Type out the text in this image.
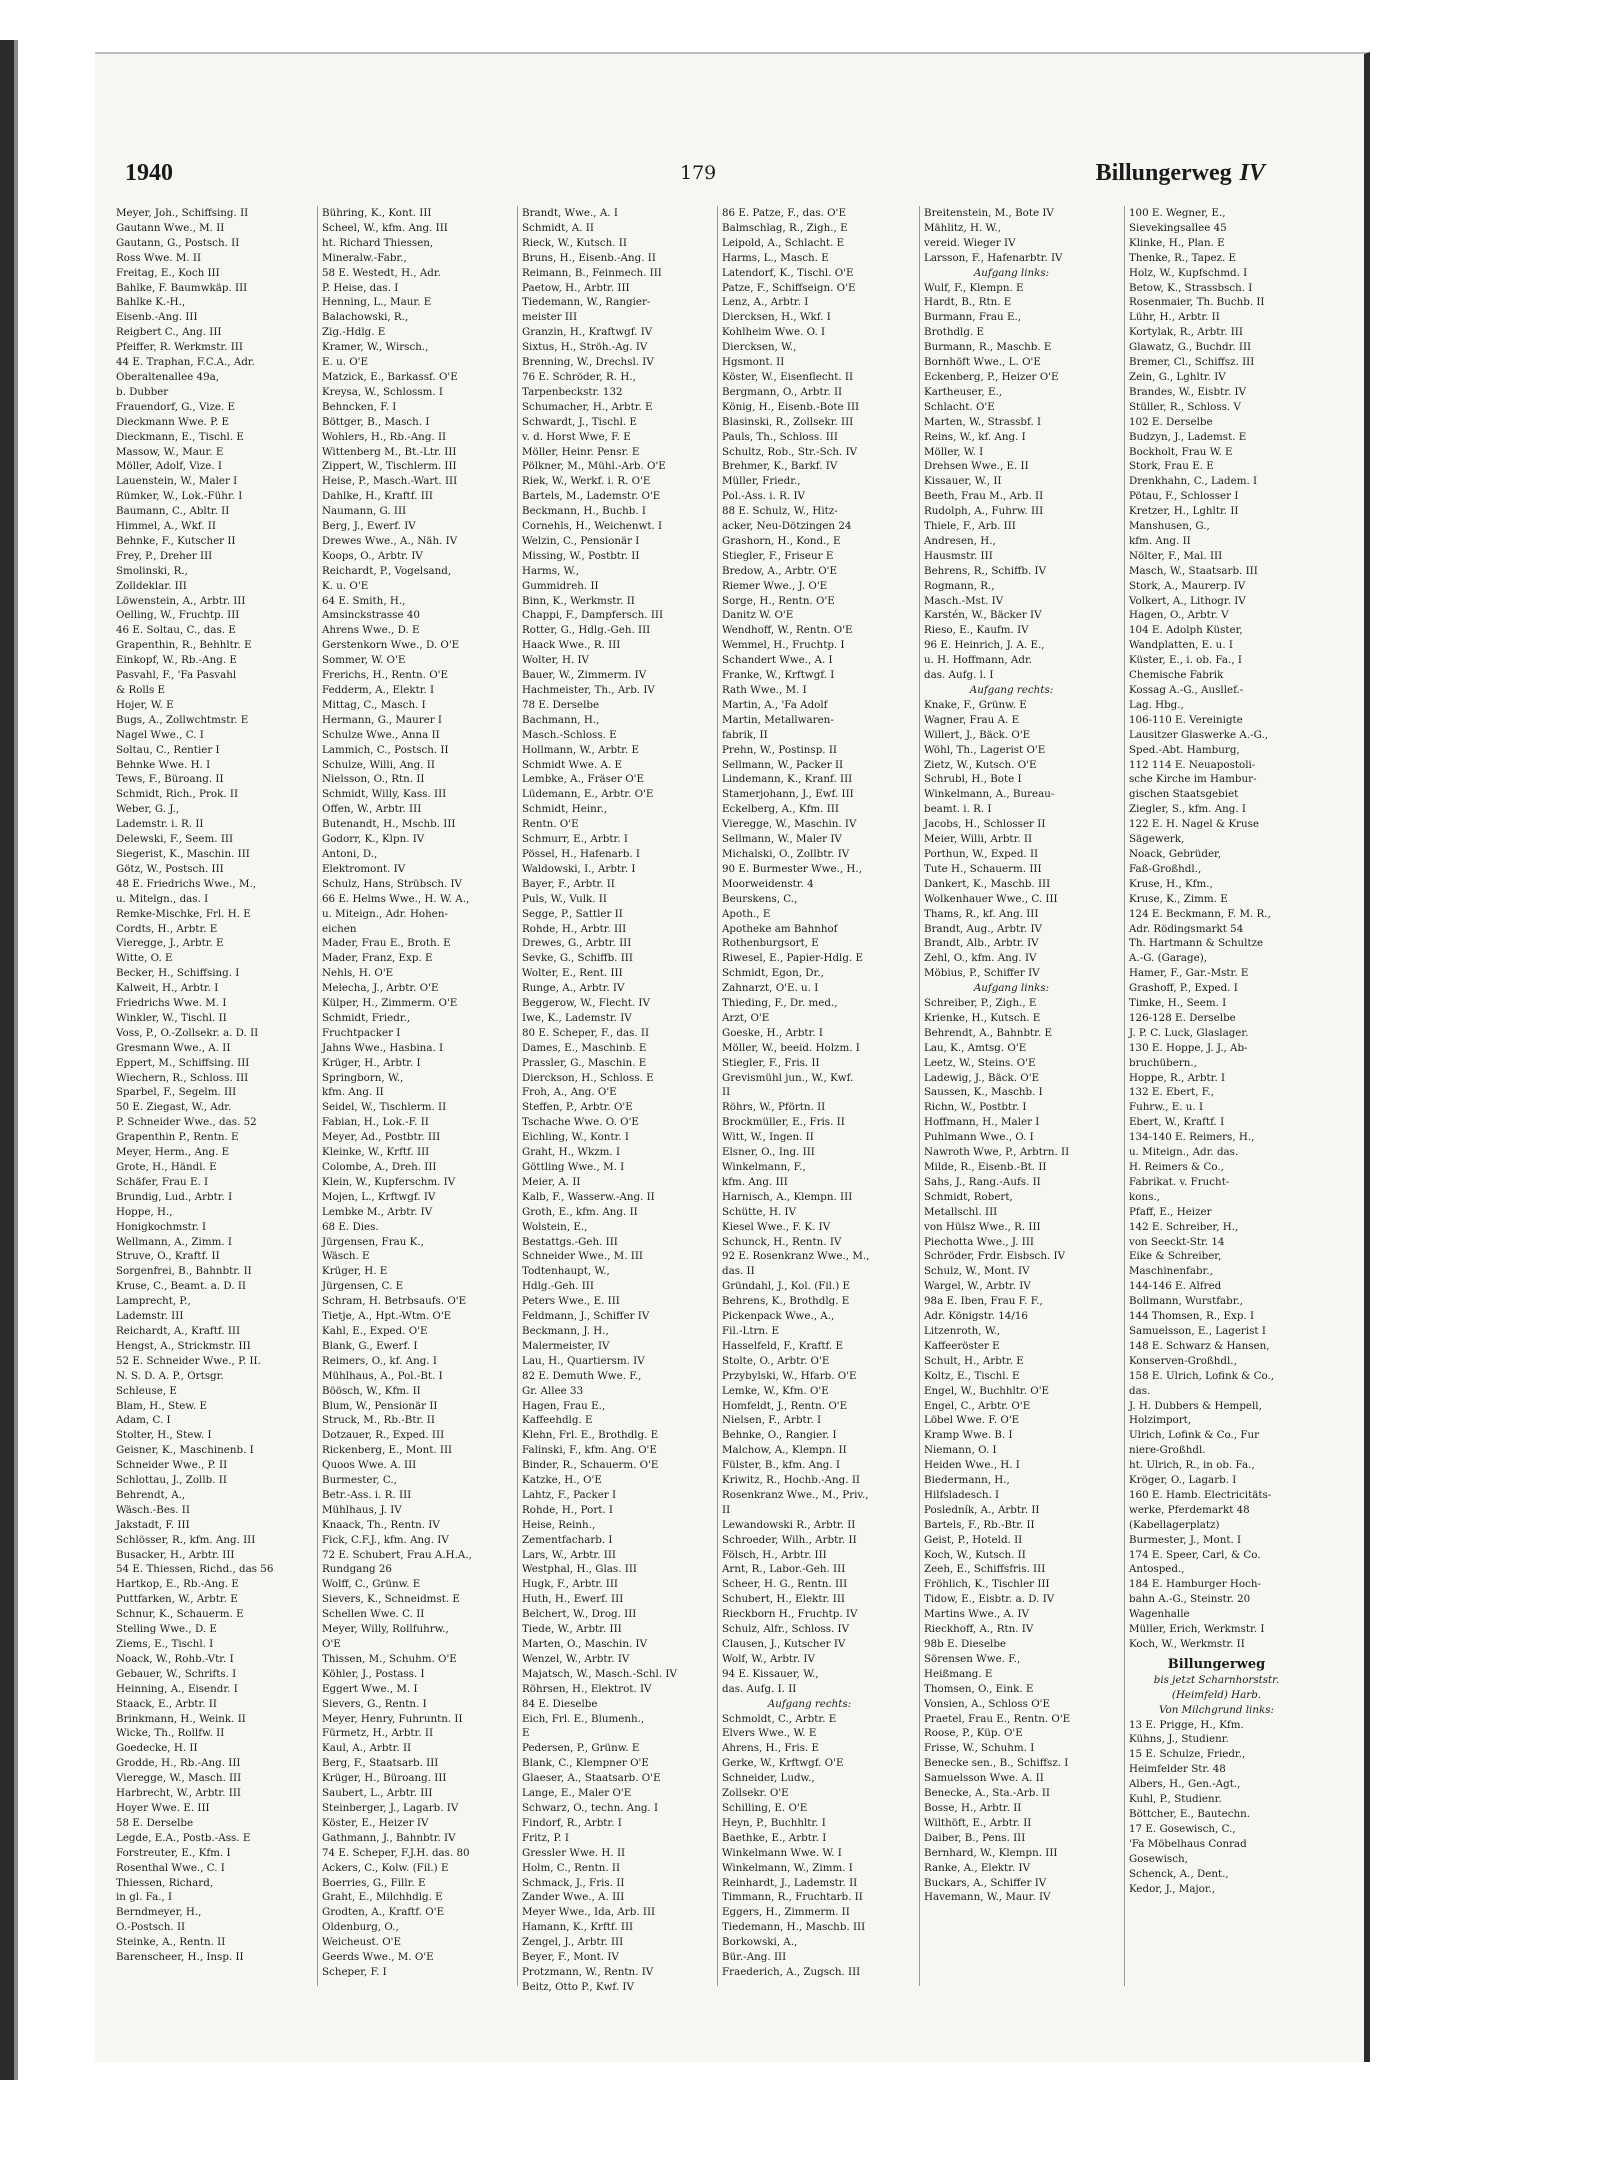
1940	179	Billungerweg IV
Meyer, Joh., Schiffsing. II
Gautann Wwe., M. II
Gautann, G., Postsch. II
Ross Wwe. M. II
Freitag, E., Koch III
Bahlke, F. Baumwkäp. III
Bahlke K.-H.,
Eisenb.-Ang. III
Reigbert C., Ang. III
Pfeiffer, R. Werkmstr. III
44 E. Traphan, F.C.A., Adr.
Oberaltenallee 49a,
b. Dubber
Frauendorf, G., Vize. E
Dieckmann Wwe. P. E
Dieckmann, E., Tischl. E
Massow, W., Maur. E
Möller, Adolf, Vize. I
Lauenstein, W., Maler I
Rümker, W., Lok.-Führ. I
Baumann, C., Abltr. II
Himmel, A., Wkf. II
Behnke, F., Kutscher II
Frey, P., Dreher III
Smolinski, R.,
Zolldeklar. III
Löwenstein, A., Arbtr. III
Oelling, W., Fruchtp. III
46 E. Soltau, C., das. E
Grapenthin, R., Behhltr. E
Einkopf, W., Rb.-Ang. E
Pasvahl, F., 'Fa Pasvahl
& Rolls E
Hojer, W. E
Bugs, A., Zollwchtmstr. E
Nagel Wwe., C. I
Soltau, C., Rentier I
Behnke Wwe. H. I
Tews, F., Büroang. II
Schmidt, Rich., Prok. II
Weber, G. J.,
Lademstr. i. R. II
Delewski, F., Seem. III
Siegerist, K., Maschin. III
Götz, W., Postsch. III
48 E. Friedrichs Wwe., M.,
u. Mitelgn., das. I
Remke-Mischke, Frl. H. E
Cordts, H., Arbtr. E
Vieregge, J., Arbtr. E
Witte, O. E
Becker, H., Schiffsing. I
Kalweit, H., Arbtr. I
Friedrichs Wwe. M. I
Winkler, W., Tischl. II
Voss, P., O.-Zollsekr. a. D. II
Gresmann Wwe., A. II
Eppert, M., Schiffsing. III
Wiechern, R., Schloss. III
Sparbel, F., Segelm. III
50 E. Ziegast, W., Adr.
P. Schneider Wwe., das. 52
Grapenthin P., Rentn. E
Meyer, Herm., Ang. E
Grote, H., Händl. E
Schäfer, Frau E. I
Brundig, Lud., Arbtr. I
Hoppe, H.,
Honigkochmstr. I
Wellmann, A., Zimm. I
Struve, O., Kraftf. II
Sorgenfrei, B., Bahnbtr. II
Kruse, C., Beamt. a. D. II
Lamprecht, P.,
Lademstr. III
Reichardt, A., Kraftf. III
Hengst, A., Strickmstr. III
52 E. Schneider Wwe., P. II.
N. S. D. A. P., Ortsgr.
Schleuse, E
Blam, H., Stew. E
Adam, C. I
Stolter, H., Stew. I
Geisner, K., Maschinenb. I
Schneider Wwe., P. II
Schlottau, J., Zollb. II
Behrendt, A.,
Wäsch.-Bes. II
Jakstadt, F. III
Schlösser, R., kfm. Ang. III
Busacker, H., Arbtr. III
54 E. Thiessen, Richd., das 56
Hartkop, E., Rb.-Ang. E
Puttfarken, W., Arbtr. E
Schnur, K., Schauerm. E
Stelling Wwe., D. E
Ziems, E., Tischl. I
Noack, W., Rohb.-Vtr. I
Gebauer, W., Schrifts. I
Heinning, A., Eisendr. I
Staack, E., Arbtr. II
Brinkmann, H., Weink. II
Wicke, Th., Rollfw. II
Goedecke, H. II
Grodde, H., Rb.-Ang. III
Vieregge, W., Masch. III
Harbrecht, W., Arbtr. III
Hoyer Wwe. E. III
58 E. Derselbe
Legde, E.A., Postb.-Ass. E
Forstreuter, E., Kfm. I
Rosenthal Wwe., C. I
Thiessen, Richard,
in gl. Fa., I
Berndmeyer, H.,
O.-Postsch. II
Steinke, A., Rentn. II
Barenscheer, H., Insp. II
Bühring, K., Kont. III
Scheel, W., kfm. Ang. III
ht. Richard Thiessen,
Mineralw.-Fabr.,
58 E. Westedt, H., Adr.
P. Heise, das. I
Henning, L., Maur. E
Balachowski, R.,
Zig.-Hdlg. E
Kramer, W., Wirsch.,
E. u. O'E
Matzick, E., Barkassf. O'E
Kreysa, W., Schlossm. I
Behncken, F. I
Böttger, B., Masch. I
Wohlers, H., Rb.-Ang. II
Wittenberg M., Bt.-Ltr. III
Zippert, W., Tischlerm. III
Heise, P., Masch.-Wart. III
Dahlke, H., Kraftf. III
Naumann, G. III
Berg, J., Ewerf. IV
Drewes Wwe., A., Näh. IV
Koops, O., Arbtr. IV
Reichardt, P., Vogelsand,
K. u. O'E
64 E. Smith, H.,
Amsinckstrasse 40
Ahrens Wwe., D. E
Gerstenkorn Wwe., D. O'E
Sommer, W. O'E
Frerichs, H., Rentn. O'E
Fedderm, A., Elektr. I
Mittag, C., Masch. I
Hermann, G., Maurer I
Schulze Wwe., Anna II
Lammich, C., Postsch. II
Schulze, Willi, Ang. II
Nielsson, O., Rtn. II
Schmidt, Willy, Kass. III
Offen, W., Arbtr. III
Butenandt, H., Mschb. III
Godorr, K., Klpn. IV
Antoni, D.,
Elektromont. IV
Schulz, Hans, Strübsch. IV
66 E. Helms Wwe., H. W. A.,
u. Miteign., Adr. Hohen-
eichen
Mader, Frau E., Broth. E
Mader, Franz, Exp. E
Nehls, H. O'E
Melecha, J., Arbtr. O'E
Külper, H., Zimmerm. O'E
Schmidt, Friedr.,
Fruchtpacker I
Jahns Wwe., Hasbina. I
Krüger, H., Arbtr. I
Springborn, W.,
kfm. Ang. II
Seidel, W., Tischlerm. II
Fabian, H., Lok.-F. II
Meyer, Ad., Postbtr. III
Kleinke, W., Krftf. III
Colombe, A., Dreh. III
Klein, W., Kupferschm. IV
Mojen, L., Krftwgf. IV
Lembke M., Arbtr. IV
68 E. Dies.
Jürgensen, Frau K.,
Wäsch. E
Krüger, H. E
Jürgensen, C. E
Schram, H. Betrbsaufs. O'E
Tietje, A., Hpt.-Wtm. O'E
Kahl, E., Exped. O'E
Blank, G., Ewerf. I
Reimers, O., kf. Ang. I
Mühlhaus, A., Pol.-Bt. I
Böösch, W., Kfm. II
Blum, W., Pensionär II
Struck, M., Rb.-Btr. II
Dotzauer, R., Exped. III
Rickenberg, E., Mont. III
Quoos Wwe. A. III
Burmester, C.,
Betr.-Ass. i. R. III
Mühlhaus, J. IV
Knaack, Th., Rentn. IV
Fick, C.F.J., kfm. Ang. IV
72 E. Schubert, Frau A.H.A.,
Rundgang 26
Wolff, C., Grünw. E
Sievers, K., Schneidmst. E
Schellen Wwe. C. II
Meyer, Willy, Rollfuhrw.,
O'E
Thissen, M., Schuhm. O'E
Köhler, J., Postass. I
Eggert Wwe., M. I
Sievers, G., Rentn. I
Meyer, Henry, Fuhruntn. II
Fürmetz, H., Arbtr. II
Kaul, A., Arbtr. II
Berg, F., Staatsarb. III
Krüger, H., Büroang. III
Saubert, L., Arbtr. III
Steinberger, J., Lagarb. IV
Köster, E., Heizer IV
Gathmann, J., Bahnbtr. IV
74 E. Scheper, F.J.H. das. 80
Ackers, C., Kolw. (Fil.) E
Boerries, G., Fillr. E
Graht, E., Milchhdlg. E
Grodten, A., Kraftf. O'E
Oldenburg, O.,
Weicheust. O'E
Geerds Wwe., M. O'E
Scheper, F. I
Brandt, Wwe., A. I
Schmidt, A. II
Rieck, W., Kutsch. II
Bruns, H., Eisenb.-Ang. II
Reimann, B., Feinmech. III
Paetow, H., Arbtr. III
Tiedemann, W., Rangier-
meister III
Granzin, H., Kraftwgf. IV
Sixtus, H., Ströh.-Ag. IV
Brenning, W., Drechsl. IV
76 E. Schröder, R. H.,
Tarpenbeckstr. 132
Schumacher, H., Arbtr. E
Schwardt, J., Tischl. E
v. d. Horst Wwe, F. E
Möller, Heinr. Pensr. E
Pölkner, M., Mühl.-Arb. O'E
Riek, W., Werkf. i. R. O'E
Bartels, M., Lademstr. O'E
Beckmann, H., Buchb. I
Cornehls, H., Weichenwt. I
Welzin, C., Pensionär I
Missing, W., Postbtr. II
Harms, W.,
Gummidreh. II
Binn, K., Werkmstr. II
Chappi, F., Dampfersch. III
Rotter, G., Hdlg.-Geh. III
Haack Wwe., R. III
Wolter, H. IV
Bauer, W., Zimmerm. IV
Hachmeister, Th., Arb. IV
78 E. Derselbe
Bachmann, H.,
Masch.-Schloss. E
Hollmann, W., Arbtr. E
Schmidt Wwe. A. E
Lembke, A., Fräser O'E
Lüdemann, E., Arbtr. O'E
Schmidt, Heinr.,
Rentn. O'E
Schmurr, E., Arbtr. I
Pössel, H., Hafenarb. I
Waldowski, I., Arbtr. I
Bayer, F., Arbtr. II
Puls, W., Vulk. II
Segge, P., Sattler II
Rohde, H., Arbtr. III
Drewes, G., Arbtr. III
Sevke, G., Schiffb. III
Wolter, E., Rent. III
Runge, A., Arbtr. IV
Beggerow, W., Flecht. IV
Iwe, K., Lademstr. IV
80 E. Scheper, F., das. II
Dames, E., Maschinb. E
Prassler, G., Maschin. E
Dierckson, H., Schloss. E
Froh, A., Ang. O'E
Steffen, P., Arbtr. O'E
Tschache Wwe. O. O'E
Eichling, W., Kontr. I
Graht, H., Wkzm. I
Göttling Wwe., M. I
Meier, A. II
Kalb, F., Wasserw.-Ang. II
Groth, E., kfm. Ang. II
Wolstein, E.,
Bestattgs.-Geh. III
Schneider Wwe., M. III
Todtenhaupt, W.,
Hdlg.-Geh. III
Peters Wwe., E. III
Feldmann, J., Schiffer IV
Beckmann, J. H.,
Malermeister, IV
Lau, H., Quartiersm. IV
82 E. Demuth Wwe. F.,
Gr. Allee 33
Hagen, Frau E.,
Kaffeehdlg. E
Klehn, Frl. E., Brothdlg. E
Falinski, F., kfm. Ang. O'E
Binder, R., Schauerm. O'E
Katzke, H., O'E
Lahtz, F., Packer I
Rohde, H., Port. I
Heise, Reinh.,
Zementfacharb. I
Lars, W., Arbtr. III
Westphal, H., Glas. III
Hugk, F., Arbtr. III
Huth, H., Ewerf. III
Belchert, W., Drog. III
Tiede, W., Arbtr. III
Marten, O., Maschin. IV
Wenzel, W., Arbtr. IV
Majatsch, W., Masch.-Schl. IV
Röhrsen, H., Elektrot. IV
84 E. Dieselbe
Eich, Frl. E., Blumenh.,
E
Pedersen, P., Grünw. E
Blank, C., Klempner O'E
Glaeser, A., Staatsarb. O'E
Lange, E., Maler O'E
Schwarz, O., techn. Ang. I
Findorf, R., Arbtr. I
Fritz, P. I
Gressler Wwe. H. II
Holm, C., Rentn. II
Schmack, J., Fris. II
Zander Wwe., A. III
Meyer Wwe., Ida, Arb. III
Hamann, K., Krftf. III
Zengel, J., Arbtr. III
Beyer, F., Mont. IV
Protzmann, W., Rentn. IV
Beitz, Otto P., Kwf. IV
86 E. Patze, F., das. O'E
Balmschlag, R., Zigh., E
Leipold, A., Schlacht. E
Harms, L., Masch. E
Latendorf, K., Tischl. O'E
Patze, F., Schiffseign. O'E
Lenz, A., Arbtr. I
Diercksen, H., Wkf. I
Kohlheim Wwe. O. I
Diercksen, W.,
Hgsmont. II
Köster, W., Eisenflecht. II
Bergmann, O., Arbtr. II
König, H., Eisenb.-Bote III
Blasinski, R., Zollsekr. III
Pauls, Th., Schloss. III
Schultz, Rob., Str.-Sch. IV
Brehmer, K., Barkf. IV
Müller, Friedr.,
Pol.-Ass. i. R. IV
88 E. Schulz, W., Hitz-
acker, Neu-Dötzingen 24
Grashorn, H., Kond., E
Stiegler, F., Friseur E
Bredow, A., Arbtr. O'E
Riemer Wwe., J. O'E
Sorge, H., Rentn. O'E
Danitz W. O'E
Wendhoff, W., Rentn. O'E
Wemmel, H., Fruchtp. I
Schandert Wwe., A. I
Franke, W., Krftwgf. I
Rath Wwe., M. I
Martin, A., 'Fa Adolf
Martin, Metallwaren-
fabrik, II
Prehn, W., Postinsp. II
Sellmann, W., Packer II
Lindemann, K., Kranf. III
Stamerjohann, J., Ewf. III
Eckelberg, A., Kfm. III
Vieregge, W., Maschin. IV
Sellmann, W., Maler IV
Michalski, O., Zollbtr. IV
90 E. Burmester Wwe., H.,
Moorweidenstr. 4
Beurskens, C.,
Apoth., E
Apotheke am Bahnhof
Rothenburgsort, E
Riwesel, E., Papier-Hdlg. E
Schmidt, Egon, Dr.,
Zahnarzt, O'E. u. I
Thieding, F., Dr. med.,
Arzt, O'E
Goeske, H., Arbtr. I
Möller, W., beeid. Holzm. I
Stiegler, F., Fris. II
Grevismühl jun., W., Kwf.
II
Röhrs, W., Pförtn. II
Brockmüller, E., Fris. II
Witt, W., Ingen. II
Elsner, O., Ing. III
Winkelmann, F.,
kfm. Ang. III
Harnisch, A., Klempn. III
Schütte, H. IV
Kiesel Wwe., F. K. IV
Schunck, H., Rentn. IV
92 E. Rosenkranz Wwe., M.,
das. II
Gründahl, J., Kol. (Fil.) E
Behrens, K., Brothdlg. E
Pickenpack Wwe., A.,
Fil.-Ltrn. E
Hasselfeld, F., Kraftf. E
Stolte, O., Arbtr. O'E
Przybylski, W., Hfarb. O'E
Lemke, W., Kfm. O'E
Homfeldt, J., Rentn. O'E
Nielsen, F., Arbtr. I
Behnke, O., Rangier. I
Malchow, A., Klempn. II
Fülster, B., kfm. Ang. I
Kriwitz, R., Hochb.-Ang. II
Rosenkranz Wwe., M., Priv.,
II
Lewandowski R., Arbtr. II
Schroeder, Wilh., Arbtr. II
Fölsch, H., Arbtr. III
Arnt, R., Labor.-Geh. III
Scheer, H. G., Rentn. III
Schubert, H., Elektr. III
Rieckborn H., Fruchtp. IV
Schulz, Alfr., Schloss. IV
Clausen, J., Kutscher IV
Wolf, W., Arbtr. IV
94 E. Kissauer, W.,
das. Aufg. I. II
Aufgang rechts:
Schmoldt, C., Arbtr. E
Elvers Wwe., W. E
Ahrens, H., Fris. E
Gerke, W., Krftwgf. O'E
Schneider, Ludw.,
Zollsekr. O'E
Schilling, E. O'E
Heyn, P., Buchhltr. I
Baethke, E., Arbtr. I
Winkelmann Wwe. W. I
Winkelmann, W., Zimm. I
Reinhardt, J., Lademstr. II
Timmann, R., Fruchtarb. II
Eggers, H., Zimmerm. II
Tiedemann, H., Maschb. III
Borkowski, A.,
Bür.-Ang. III
Fraederich, A., Zugsch. III
Breitenstein, M., Bote IV
Mählitz, H. W.,
vereid. Wieger IV
Larsson, F., Hafenarbtr. IV
Aufgang links:
Wulf, F., Klempn. E
Hardt, B., Rtn. E
Burmann, Frau E.,
Brothdlg. E
Burmann, R., Maschb. E
Bornhöft Wwe., L. O'E
Eckenberg, P., Heizer O'E
Kartheuser, E.,
Schlacht. O'E
Marten, W., Strassbf. I
Reins, W., kf. Ang. I
Möller, W. I
Drehsen Wwe., E. II
Kissauer, W., II
Beeth, Frau M., Arb. II
Rudolph, A., Fuhrw. III
Thiele, F., Arb. III
Andresen, H.,
Hausmstr. III
Behrens, R., Schiffb. IV
Rogmann, R.,
Masch.-Mst. IV
Karstén, W., Bäcker IV
Rieso, E., Kaufm. IV
96 E. Heinrich, J. A. E.,
u. H. Hoffmann, Adr.
das. Aufg. l. I
Aufgang rechts:
Knake, F., Grünw. E
Wagner, Frau A. E
Willert, J., Bäck. O'E
Wöhl, Th., Lagerist O'E
Zietz, W., Kutsch. O'E
Schrubl, H., Bote I
Winkelmann, A., Bureau-
beamt. i. R. I
Jacobs, H., Schlosser II
Meier, Willi, Arbtr. II
Porthun, W., Exped. II
Tute H., Schauerm. III
Dankert, K., Maschb. III
Wolkenhauer Wwe., C. III
Thams, R., kf. Ang. III
Brandt, Aug., Arbtr. IV
Brandt, Alb., Arbtr. IV
Zehl, O., kfm. Ang. IV
Möbius, P., Schiffer IV
Aufgang links:
Schreiber, P., Zigh., E
Krienke, H., Kutsch. E
Behrendt, A., Bahnbtr. E
Lau, K., Amtsg. O'E
Leetz, W., Steins. O'E
Ladewig, J., Bäck. O'E
Saussen, K., Maschb. I
Richn, W., Postbtr. I
Hoffmann, H., Maler I
Puhlmann Wwe., O. I
Nawroth Wwe, P., Arbtrn. II
Milde, R., Eisenb.-Bt. II
Sahs, J., Rang.-Aufs. II
Schmidt, Robert,
Metallschl. III
von Hülsz Wwe., R. III
Piechotta Wwe., J. III
Schröder, Frdr. Eisbsch. IV
Schulz, W., Mont. IV
Wargel, W., Arbtr. IV
98a E. Iben, Frau F. F.,
Adr. Königstr. 14/16
Litzenroth, W.,
Kaffeeröster E
Schult, H., Arbtr. E
Koltz, E., Tischl. E
Engel, W., Buchhltr. O'E
Engel, C., Arbtr. O'E
Löbel Wwe. F. O'E
Kramp Wwe. B. I
Niemann, O. I
Heiden Wwe., H. I
Biedermann, H.,
Hilfsladesch. I
Posledník, A., Arbtr. II
Bartels, F., Rb.-Btr. II
Geist, P., Hoteld. II
Koch, W., Kutsch. II
Zeeh, E., Schiffsfris. III
Fröhlich, K., Tischler III
Tidow, E., Eisbtr. a. D. IV
Martins Wwe., A. IV
Rieckhoff, A., Rtn. IV
98b E. Dieselbe
Sörensen Wwe. F.,
Heißmang. E
Thomsen, O., Eink. E
Vonsien, A., Schloss O'E
Praetel, Frau E., Rentn. O'E
Roose, P., Küp. O'E
Frisse, W., Schuhm. I
Benecke sen., B., Schiffsz. I
Samuelsson Wwe. A. II
Benecke, A., Sta.-Arb. II
Bosse, H., Arbtr. II
Wilthöft, E., Arbtr. II
Daiber, B., Pens. III
Bernhard, W., Klempn. III
Ranke, A., Elektr. IV
Buckars, A., Schiffer IV
Havemann, W., Maur. IV
100 E. Wegner, E.,
Sievekingsallee 45
Klinke, H., Plan. E
Thenke, R., Tapez. E
Holz, W., Kupfschmd. I
Betow, K., Strassbsch. I
Rosenmaier, Th. Buchb. II
Lühr, H., Arbtr. II
Kortylak, R., Arbtr. III
Glawatz, G., Buchdr. III
Bremer, Cl., Schiffsz. III
Zein, G., Lghltr. IV
Brandes, W., Eisbtr. IV
Stüller, R., Schloss. V
102 E. Derselbe
Budzyn, J., Lademst. E
Bockholt, Frau W. E
Stork, Frau E. E
Drenkhahn, C., Ladem. I
Pötau, F., Schlosser I
Kretzer, H., Lghltr. II
Manshusen, G.,
kfm. Ang. II
Nölter, F., Mal. III
Masch, W., Staatsarb. III
Stork, A., Maurerp. IV
Volkert, A., Lithogr. IV
Hagen, O., Arbtr. V
104 E. Adolph Küster,
Wandplatten, E. u. I
Küster, E., i. ob. Fa., I
Chemische Fabrik
Kossag A.-G., Ausllef.-
Lag. Hbg.,
106-110 E. Vereinigte
Lausitzer Glaswerke A.-G.,
Sped.-Abt. Hamburg,
112 114 E. Neuapostoli-
sche Kirche im Hambur-
gischen Staatsgebiet
Ziegler, S., kfm. Ang. I
122 E. H. Nagel & Kruse
Sägewerk,
Noack, Gebrüder,
Faß-Großhdl.,
Kruse, H., Kfm.,
Kruse, K., Zimm. E
124 E. Beckmann, F. M. R.,
Adr. Rödingsmarkt 54
Th. Hartmann & Schultze
A.-G. (Garage),
Hamer, F., Gar.-Mstr. E
Grashoff, P., Exped. I
Timke, H., Seem. I
126-128 E. Derselbe
J. P. C. Luck, Glaslager.
130 E. Hoppe, J. J., Ab-
bruchübern.,
Hoppe, R., Arbtr. I
132 E. Ebert, F.,
Fuhrw., E. u. I
Ebert, W., Kraftf. I
134-140 E. Reimers, H.,
u. Miteign., Adr. das.
H. Reimers & Co.,
Fabrikat. v. Frucht-
kons.,
Pfaff, E., Heizer
142 E. Schreiber, H.,
von Seeckt-Str. 14
Eike & Schreiber,
Maschinenfabr.,
144-146 E. Alfred
Bollmann, Wurstfabr.,
144 Thomsen, R., Exp. I
Samuelsson, E., Lagerist I
148 E. Schwarz & Hansen,
Konserven-Großhdl.,
158 E. Ulrich, Lofink & Co.,
das.
J. H. Dubbers & Hempell,
Holzimport,
Ulrich, Lofink & Co., Fur
niere-Großhdl.
ht. Ulrich, R., in ob. Fa.,
Kröger, O., Lagarb. I
160 E. Hamb. Electricitäts-
werke, Pferdemarkt 48
(Kabellagerplatz)
Burmester, J., Mont. I
174 E. Speer, Carl, & Co.
Antosped.,
184 E. Hamburger Hoch-
bahn A.-G., Steinstr. 20
Wagenhalle
Müller, Erich, Werkmstr. I
Koch, W., Werkmstr. II
Billungerweg
bis jetzt Scharnhorststr.
(Heimfeld) Harb.
Von Milchgrund links:
13 E. Prigge, H., Kfm.
Kühns, J., Studienr.
15 E. Schulze, Friedr.,
Heimfelder Str. 48
Albers, H., Gen.-Agt.,
Kuhl, P., Studienr.
Böttcher, E., Bautechn.
17 E. Gosewisch, C.,
'Fa Möbelhaus Conrad
Gosewisch,
Schenck, A., Dent.,
Kedor, J., Major.,
